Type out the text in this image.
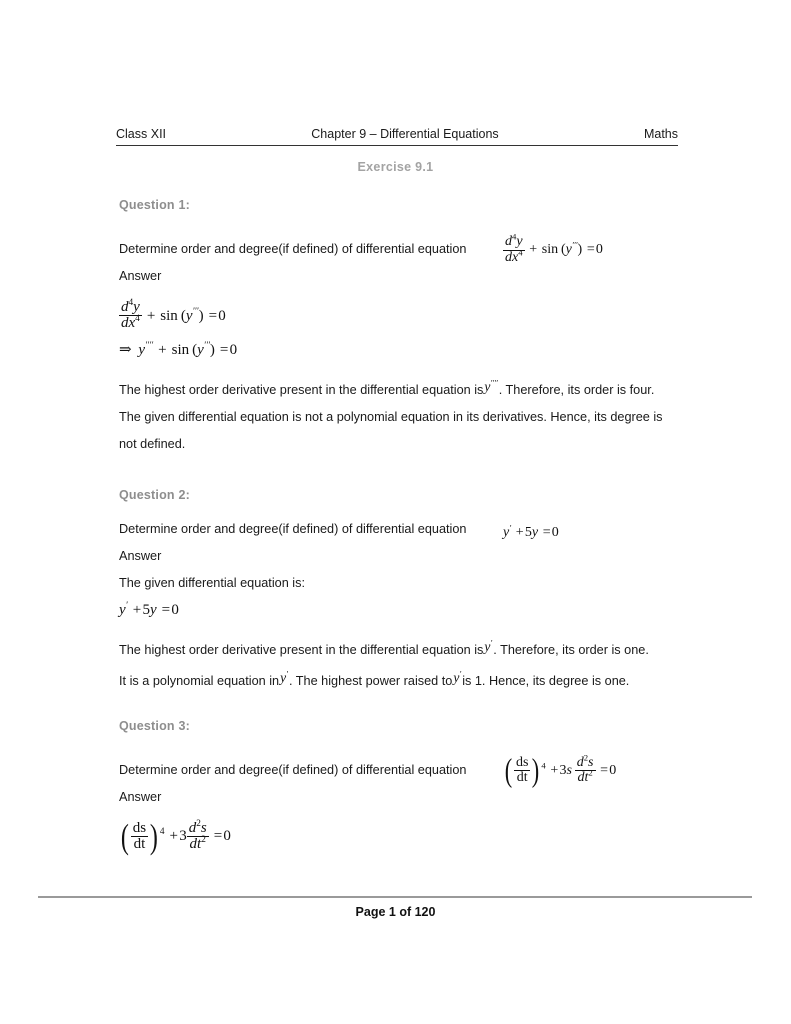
Class XII	Chapter 9 – Differential Equations	Maths
Exercise 9.1
Question 1:
Determine order and degree(if defined) of differential equation	$\frac{d^4y}{dx^4}$  +  sin (y′′′)  = 0
Answer
$\frac{d^4y}{dx^4}$  +  sin (y′′′)  = 0
⇒  y′′′′  +  sin (y′′′)  = 0

The highest order derivative present in the differential equation isy′′′′. Therefore, its order is four.

The given differential equation is not a polynomial equation in its derivatives. Hence, its degree is not defined.

Question 2:
Determine order and degree(if defined) of differential equation	y′  + 5y  = 0
Answer
The given differential equation is:
y′  + 5y  = 0

The highest order derivative present in the differential equation isy′. Therefore, its order is one.

It is a polynomial equation iny′. The highest power raised toy′is 1. Hence, its degree is one.

Question 3:
Determine order and degree(if defined) of differential equation ( $\frac{ds}{dt}$ ) $^4$  + $3s \frac{d^2s}{dt^2}$  = 0
Answer
( $\frac{ds}{dt}$ ) $^4$  + $3 \frac{d^2s}{dt^2}$  = 0
Page 1 of 120
